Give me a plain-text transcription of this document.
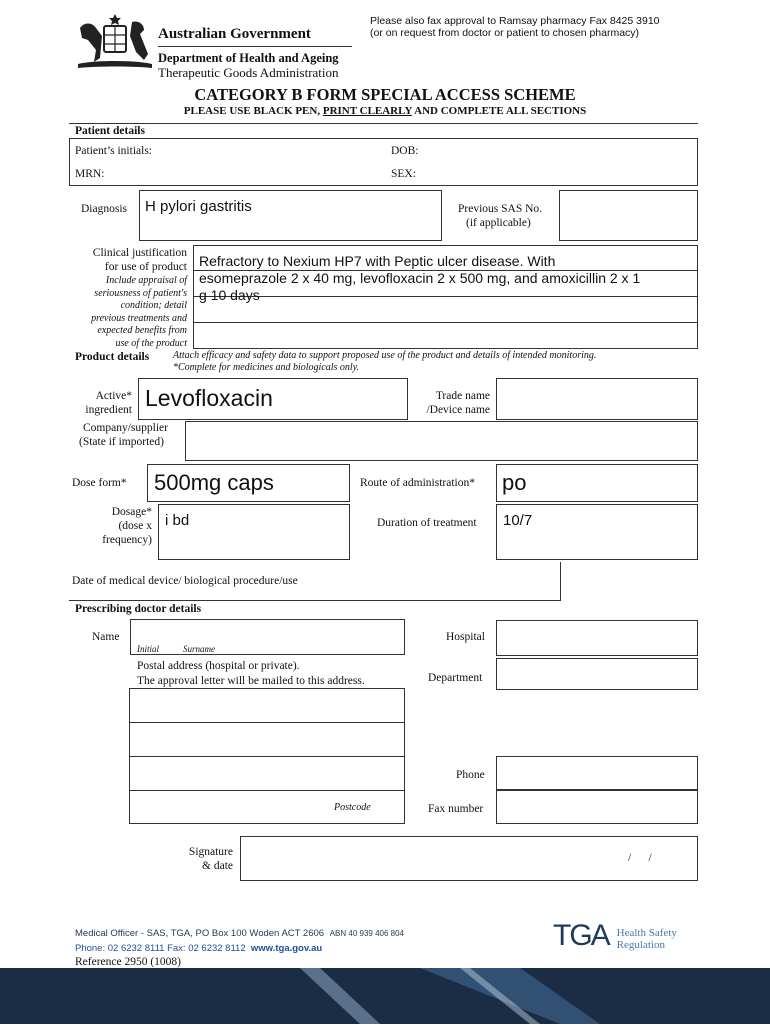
Australian Government
Department of Health and Ageing
Therapeutic Goods Administration
Please also fax approval to Ramsay pharmacy Fax 8425 3910
(or on request from doctor or patient to chosen pharmacy)
CATEGORY B FORM SPECIAL ACCESS SCHEME
PLEASE USE BLACK PEN, PRINT CLEARLY AND COMPLETE ALL SECTIONS
Patient details
Patient’s initials:	DOB:
MRN:	SEX:
Diagnosis H pylori gastritis	Previous SAS No.
(if applicable)
Clinical justification
for use of product
Include appraisal of
seriousness of patient's
condition; detail
previous treatments and
expected benefits from
use of the product
Refractory to Nexium HP7 with Peptic ulcer disease. With
esomeprazole 2 x 40 mg, levofloxacin 2 x 500 mg, and amoxicillin 2 x 1
g 10 days
Product details Attach efficacy and safety data to support proposed use of the product and details of intended monitoring.
*Complete for medicines and biologicals only.
Active*
ingredient Levofloxacin	Trade name
/Device name
Company/supplier
(State if imported)
Dose form* 500mg caps	Route of administration* po
Dosage*
(dose x
frequency)
i bd	Duration of treatment 10/7
Date of medical device/ biological procedure/use
Prescribing doctor details
Name
Initial	Surname
Hospital
Postal address (hospital or private).
The approval letter will be mailed to this address.	Department
Postcode
Phone
Fax number
Signature
& date
/      /
Medical Officer - SAS, TGA, PO Box 100 Woden ACT 2606 ABN 40 939 406 804
Phone: 02 6232 8111 Fax: 02 6232 8112  www.tga.gov.au
Reference 2950 (1008)
TGA Health Safety
Regulation
